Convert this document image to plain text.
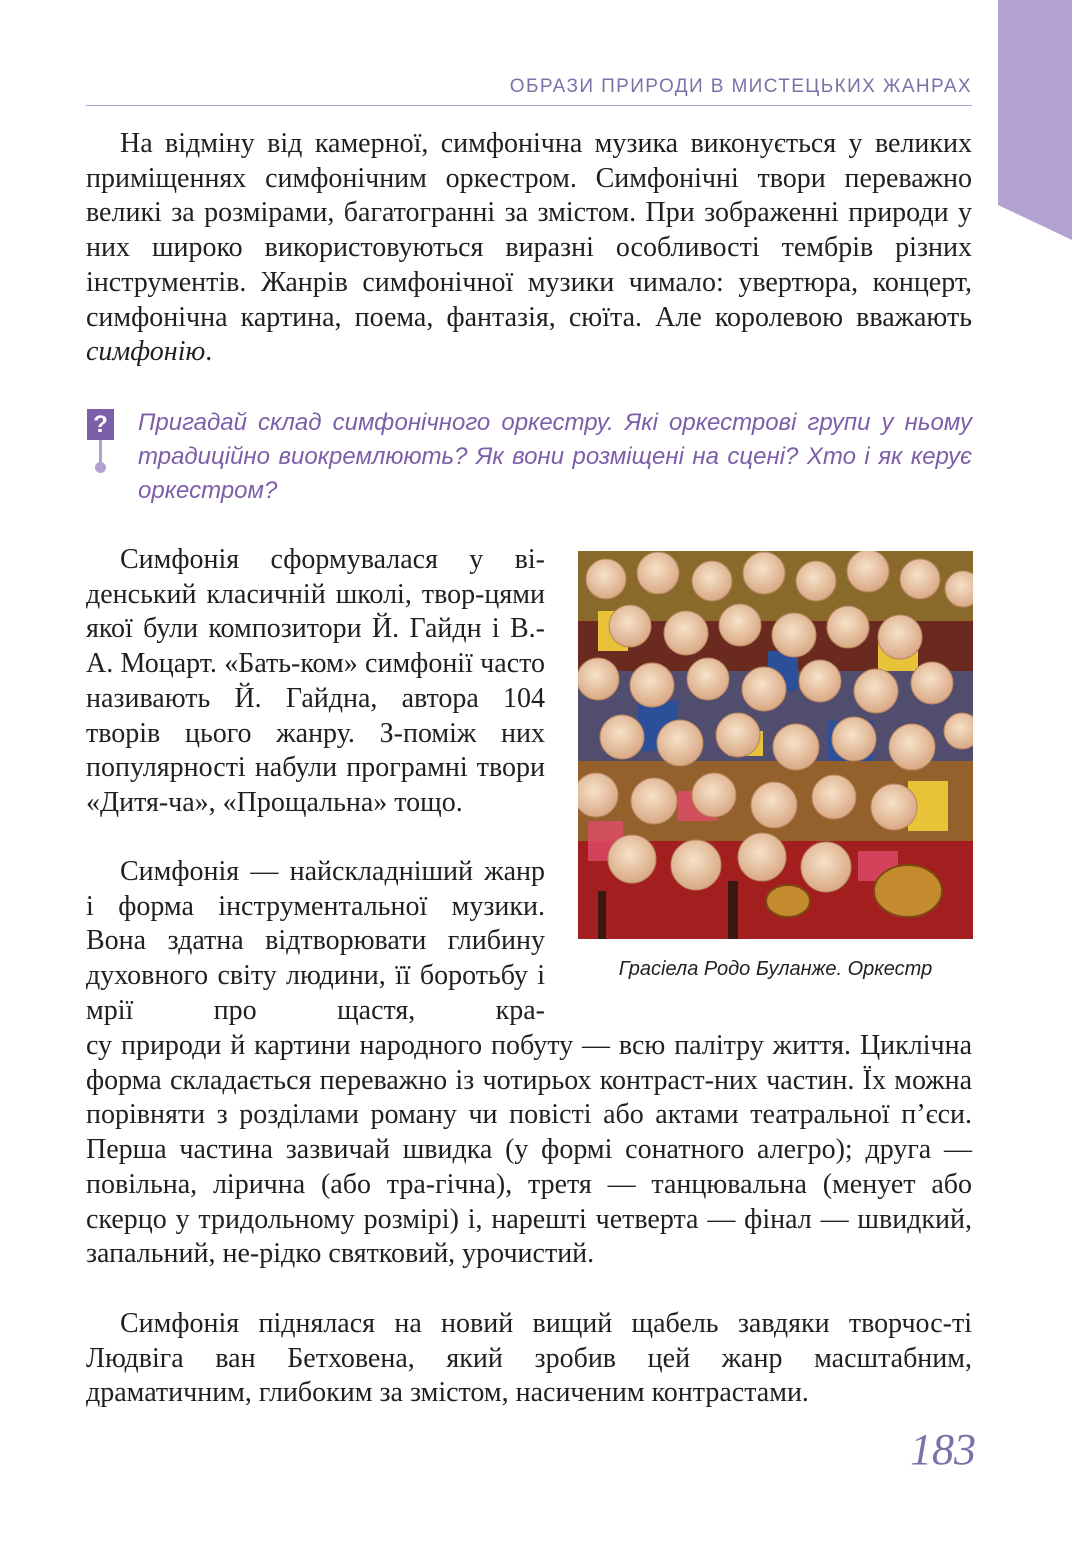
ОБРАЗИ ПРИРОДИ В МИСТЕЦЬКИХ ЖАНРАХ

На відміну від камерної, симфонічна музика виконується у великих приміщеннях симфонічним оркестром. Симфонічні твори переважно великі за розмірами, багатогранні за змістом. При зображенні природи у них широко використовуються виразні особливості тембрів різних інструментів. Жанрів симфонічної музики чимало: увертюра, концерт, симфонічна картина, поема, фантазія, сюїта. Але королевою вважають симфонію.

? Пригадай склад симфонічного оркестру. Які оркестрові групи у ньому традиційно виокремлюють? Як вони розміщені на сцені? Хто і як керує оркестром?

Симфонія сформувалася у ві-денський класичній школі, твор-цями якої були композитори Й. Гайдн і В.-А. Моцарт. «Бать-ком» симфонії часто називають Й. Гайдна, автора 104 творів цього жанру. З-поміж них популярності набули програмні твори «Дитя-ча», «Прощальна» тощо.

Грасіела Родо Буланже. Оркестр

Симфонія — найскладніший жанр і форма інструментальної музики. Вона здатна відтворювати глибину духовного світу людини, її боротьбу і мрії про щастя, кра-

су природи й картини народного побуту — всю палітру життя. Циклічна форма складається переважно із чотирьох контраст-них частин. Їх можна порівняти з розділами роману чи повісті або актами театральної п’єси. Перша частина зазвичай швидка (у формі сонатного алегро); друга — повільна, лірична (або тра-гічна), третя — танцювальна (менует або скерцо у тридольному розмірі) і, нарешті четверта — фінал — швидкий, запальний, не-рідко святковий, урочистий.

Симфонія піднялася на новий вищий щабель завдяки творчос-ті Людвіга ван Бетховена, який зробив цей жанр масштабним, драматичним, глибоким за змістом, насиченим контрастами.

183
